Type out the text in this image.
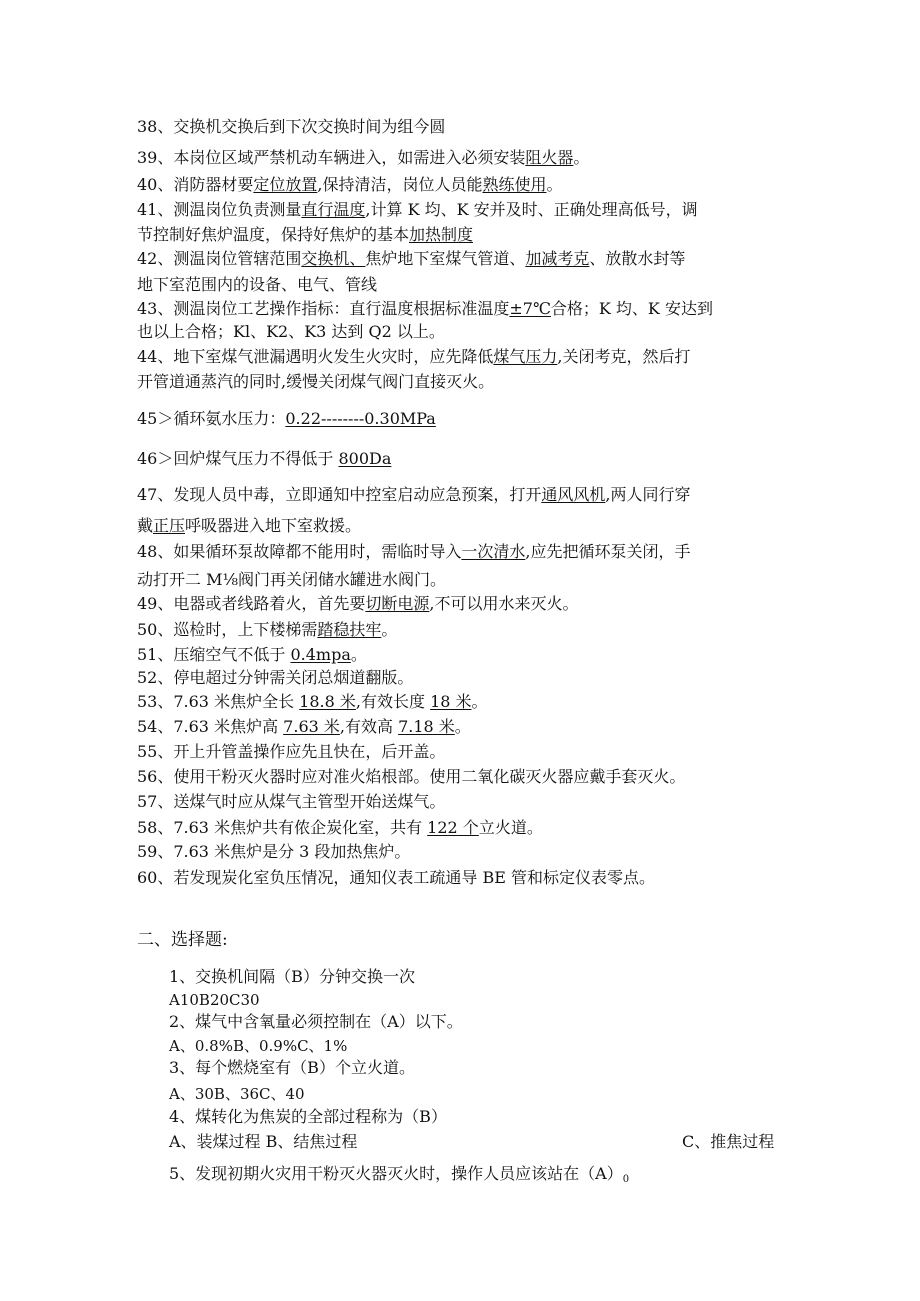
38、交换机交换后到下次交换时间为组今圆
39、本岗位区域严禁机动车辆进入，如需进入必须安装阻火器。
40、消防器材要定位放置,保持清洁，岗位人员能熟练使用。
41、测温岗位负责测量直行温度,计算 K 均、K 安并及时、正确处理高低号，调
节控制好焦炉温度，保持好焦炉的基本加热制度
42、测温岗位管辖范围交换机、焦炉地下室煤气管道、加减考克、放散水封等
地下室范围内的设备、电气、管线
43、测温岗位工艺操作指标：直行温度根据标准温度±7℃合格；K 均、K 安达到
也以上合格；Kl、K2、K3 达到 Q2 以上。
44、地下室煤气泄漏遇明火发生火灾时，应先降低煤气压力,关闭考克，然后打
开管道通蒸汽的同时,缓慢关闭煤气阀门直接灭火。
45＞循环氨水压力：0.22--------0.30MPa
46＞回炉煤气压力不得低于 800Da
47、发现人员中毒，立即通知中控室启动应急预案，打开通风风机,两人同行穿
戴正压呼吸器进入地下室救援。
48、如果循环泵故障都不能用时，需临时导入一次清水,应先把循环泵关闭，手
动打开二 M⅛阀门再关闭储水罐进水阀门。
49、电器或者线路着火，首先要切断电源,不可以用水来灭火。
50、巡检时，上下楼梯需踏稳扶牢。
51、压缩空气不低于 0.4mpa。
52、停电超过分钟需关闭总烟道翻版。
53、7.63 米焦炉全长 18.8 米,有效长度 18 米。
54、7.63 米焦炉高 7.63 米,有效高 7.18 米。
55、开上升管盖操作应先且快在，后开盖。
56、使用干粉灭火器时应对准火焰根部。使用二氧化碳灭火器应戴手套灭火。
57、送煤气时应从煤气主管型开始送煤气。
58、7.63 米焦炉共有侬企炭化室，共有 122 个立火道。
59、7.63 米焦炉是分 3 段加热焦炉。
60、若发现炭化室负压情况，通知仪表工疏通导 BE 管和标定仪表零点。
二、选择题:
1、交换机间隔（B）分钟交换一次
A10B20C30
2、煤气中含氧量必须控制在（A）以下。
A、0.8%B、0.9%C、1%
3、每个燃烧室有（B）个立火道。
A、30B、36C、40
4、煤转化为焦炭的全部过程称为（B）
A、装煤过程 B、结焦过程	C、推焦过程
5、发现初期火灾用干粉灭火器灭火时，操作人员应该站在（A）0
